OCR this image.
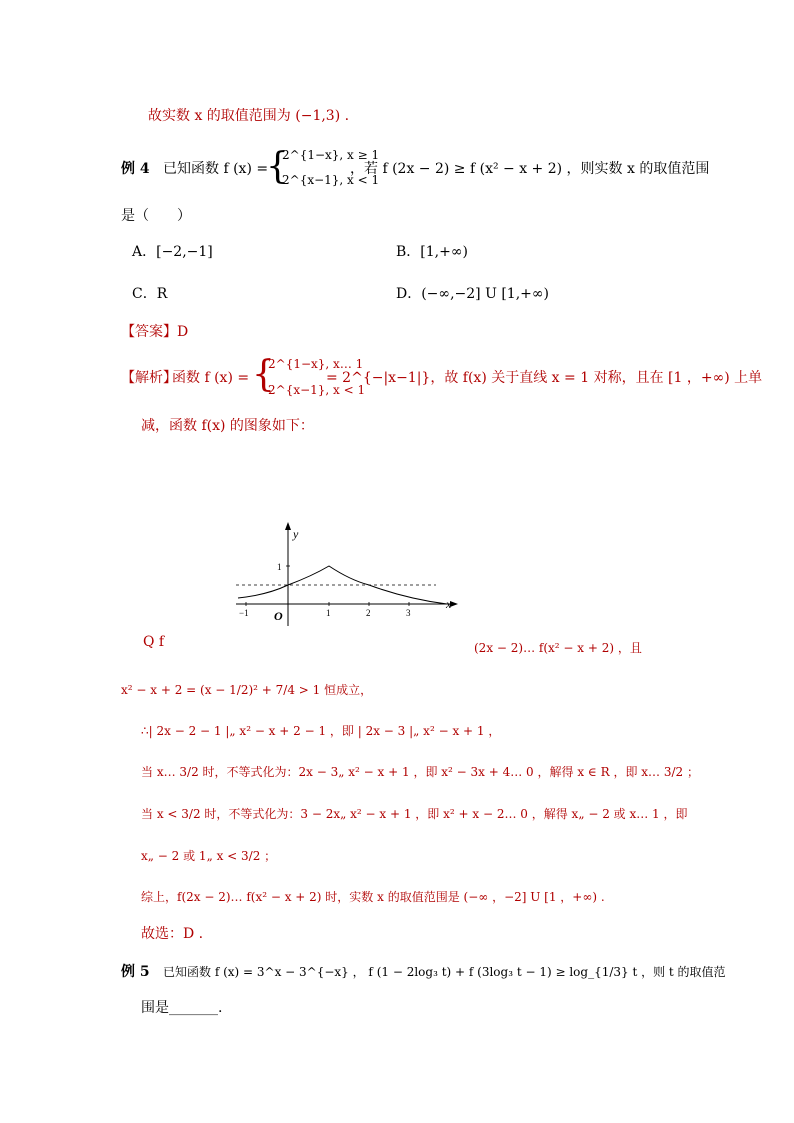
故实数 x 的取值范围为 (−1,3) .
例 4 已知函数 f (x) =
{
2^{1−x}, x ≥ 1
2^{x−1}, x < 1
，若 f (2x − 2) ≥ f (x² − x + 2) ，则实数 x 的取值范围
是（　　）
A．[−2,−1]	B．[1,+∞)
C．R	D．(−∞,−2] U [1,+∞)
【答案】D
【解析】
函数 f (x) = {
2^{1−x}, x… 1
2^{x−1}, x < 1
= 2^{−|x−1|}，故 f(x) 关于直线 x = 1 对称，且在 [1 ，+∞) 上单
减，函数 f(x) 的图象如下：
y
x
O
1
−1	1	2	3
Q f	(2x − 2)… f(x² − x + 2) ，且
x² − x + 2 = (x − 1/2)² + 7/4 > 1 恒成立，
∴| 2x − 2 − 1 |„ x² − x + 2 − 1 ，即 | 2x − 3 |„ x² − x + 1 ，
当 x… 3/2 时，不等式化为：2x − 3„ x² − x + 1 ，即 x² − 3x + 4… 0 ，解得 x ∈ R ，即 x… 3/2 ；
当 x < 3/2 时，不等式化为：3 − 2x„ x² − x + 1 ，即 x² + x − 2… 0 ，解得 x„ − 2 或 x… 1 ，即
x„ − 2 或 1„ x < 3/2 ；
综上，f(2x − 2)… f(x² − x + 2) 时，实数 x 的取值范围是 (−∞ ，−2] U [1 ，+∞) .
故选：D .
例 5 已知函数 f (x) = 3^x − 3^{−x} ， f (1 − 2log₃ t) + f (3log₃ t − 1) ≥ log_{1/3} t ，则 t 的取值范
围是_______.
